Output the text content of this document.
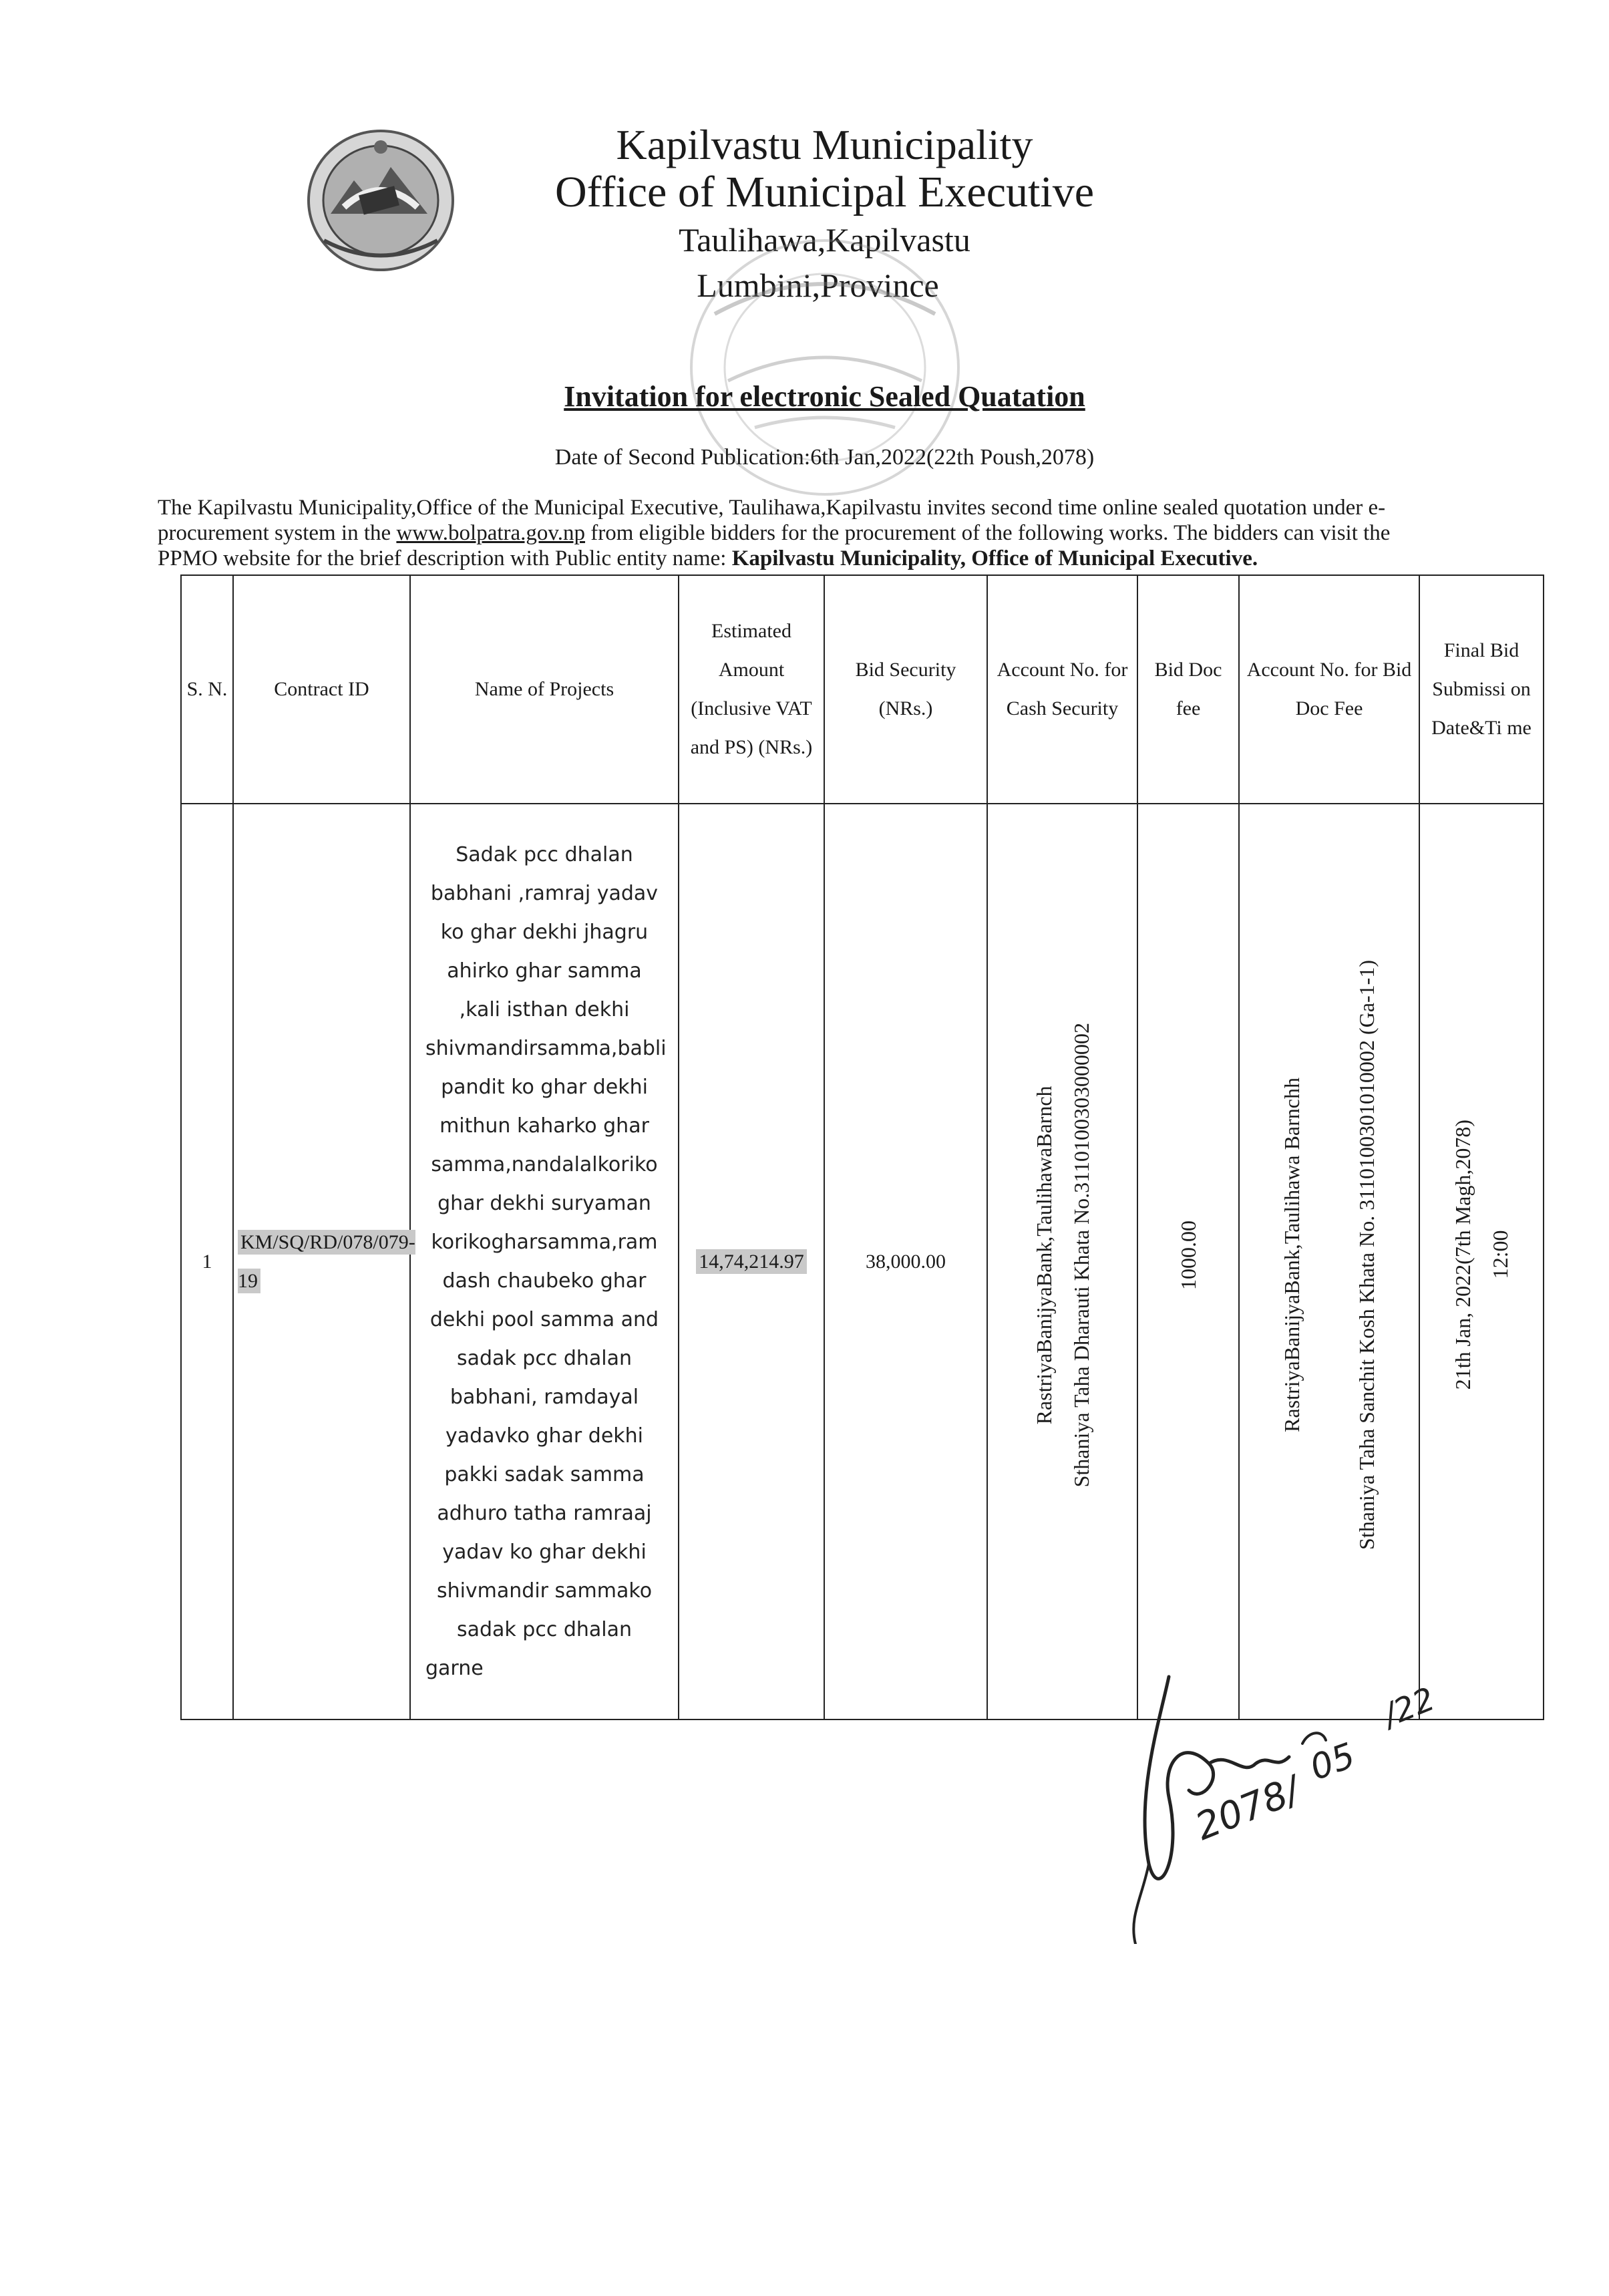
Kapilvastu Municipality
Office of Municipal Executive
Taulihawa,Kapilvastu
Lumbini,Province
Invitation for electronic Sealed Quatation
Date of Second Publication:6th Jan,2022(22th Poush,2078)
The Kapilvastu Municipality,Office of the Municipal Executive, Taulihawa,Kapilvastu invites second time online sealed quotation under e-
procurement system in the www.bolpatra.gov.np from eligible bidders for the procurement of the following works. The bidders can visit the
PPMO website for the brief description with Public entity name: Kapilvastu Municipality, Office of Municipal Executive.
S. N.	Contract ID	Name of Projects	Estimated Amount (Inclusive VAT and PS) (NRs.)	Bid Security (NRs.)	Account No. for Cash Security	Bid Doc fee	Account No. for Bid Doc Fee	Final Bid Submissi on Date&Ti me
1	KM/SQ/RD/078/079-19	Sadak pcc dhalan babhani ,ramraj yadav ko ghar dekhi jhagru ahirko ghar samma ,kali isthan dekhi shivmandirsamma,babli pandit ko ghar dekhi mithun kaharko ghar samma,nandalalkoriko ghar dekhi suryaman korikogharsamma,ram dash chaubeko ghar dekhi pool samma and sadak pcc dhalan babhani, ramdayal yadavko ghar dekhi pakki sadak samma adhuro tatha ramraaj yadav ko ghar dekhi shivmandir sammako sadak pcc dhalan garne	14,74,214.97	38,000.00	RastriyaBanijyaBank,TaulihawaBarnch Sthaniya Taha Dharauti Khata No.3110100303000002	1000.00	RastriyaBanijyaBank,Taulihawa Barnchh Sthaniya Taha Sanchit Kosh Khata No. 3110100301010002 (Ga-1-1)	21th Jan, 2022(7th Magh,2078) 12:00
/22
05
2078/
